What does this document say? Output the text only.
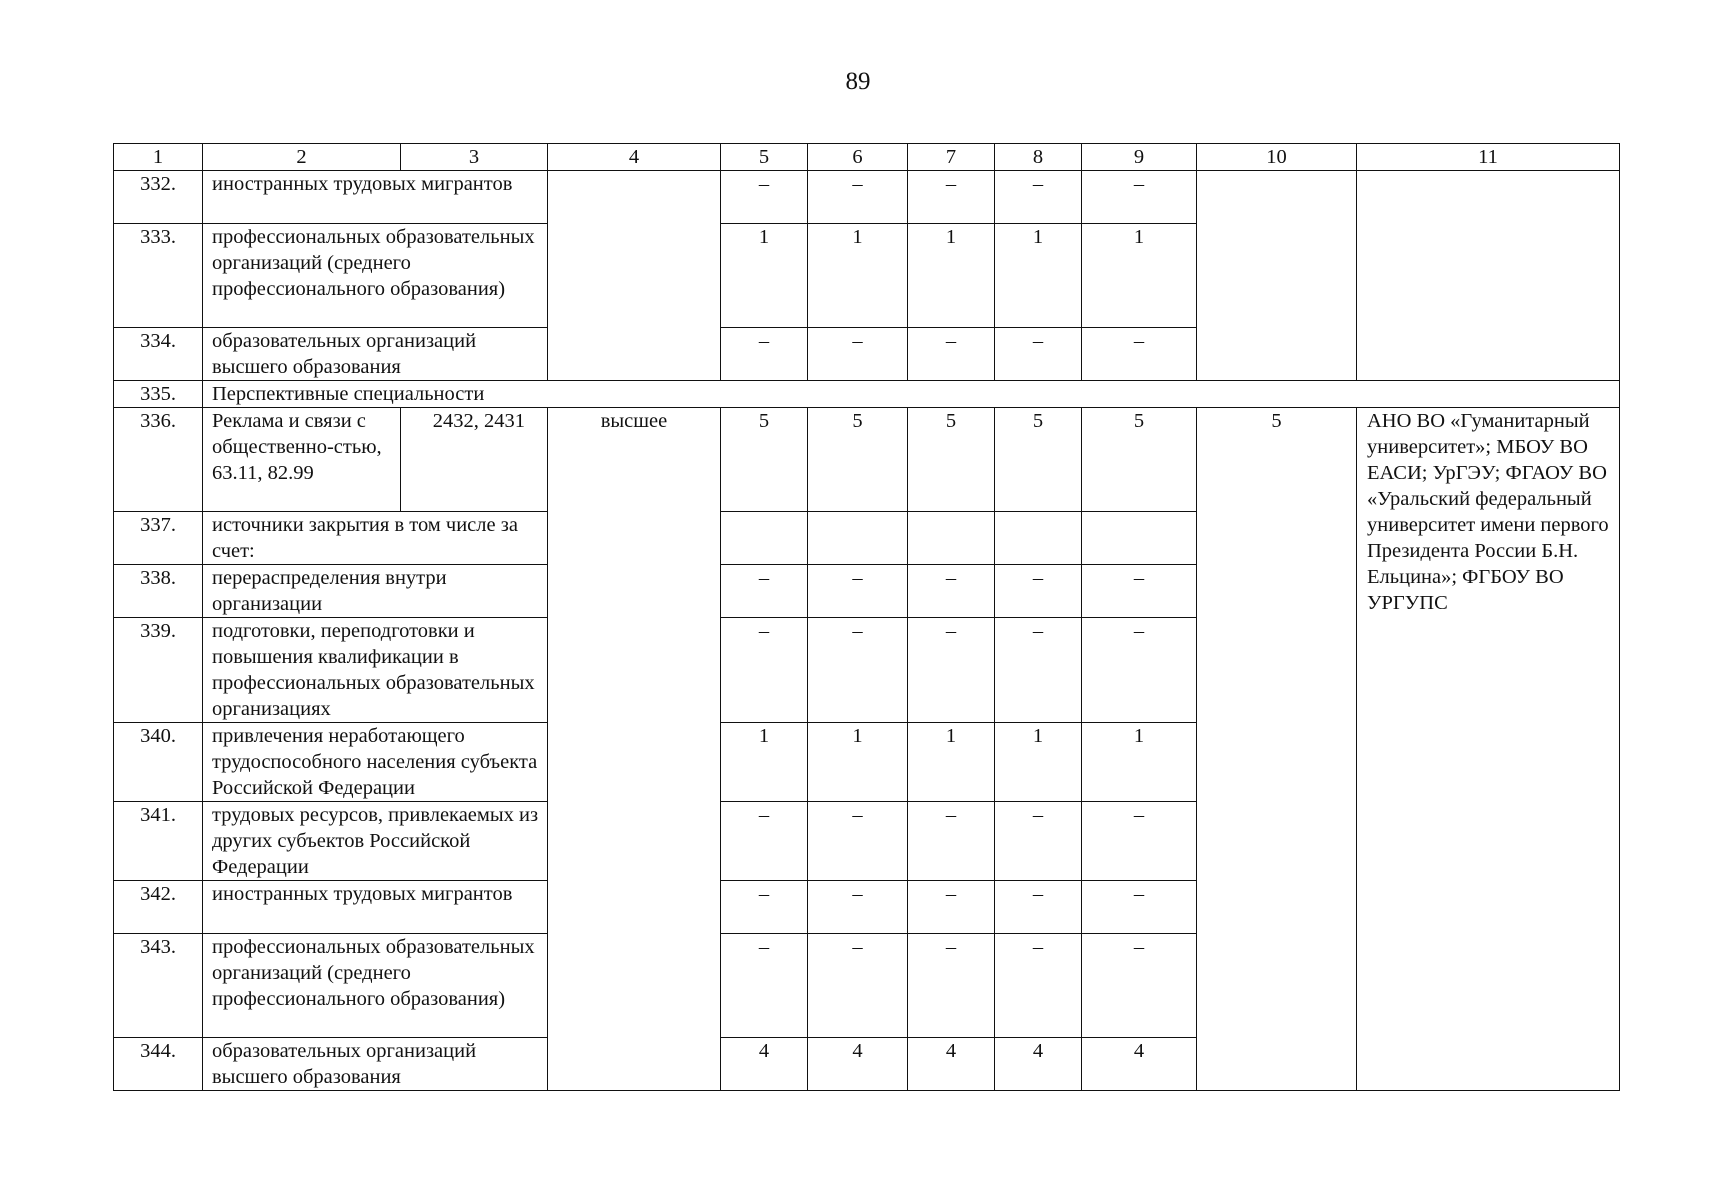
89
1	2	3	4	5	6	7	8	9	10	11
332.	иностранных трудовых мигрантов			–	–	–	–	–		
333.	профессиональных образовательных организаций (среднего профессионального образования)			1	1	1	1	1		
334.	образовательных организаций высшего образования			–	–	–	–	–		
335.	Перспективные специальности									
336.	Реклама и связи с общественно-стью, 63.11, 82.99	2432, 2431	высшее	5	5	5	5	5	5	АНО ВО «Гуманитарный университет»; МБОУ ВО ЕАСИ; УрГЭУ; ФГАОУ ВО «Уральский федеральный университет имени первого Президента России Б.Н. Ельцина»; ФГБОУ ВО УРГУПС
337.	источники закрытия в том числе за счет:									
338.	перераспределения внутри организации			–	–	–	–	–		
339.	подготовки, переподготовки и повышения квалификации в профессиональных образовательных организациях			–	–	–	–	–		
340.	привлечения неработающего трудоспособного населения субъекта Российской Федерации			1	1	1	1	1		
341.	трудовых ресурсов, привлекаемых из других субъектов Российской Федерации			–	–	–	–	–		
342.	иностранных трудовых мигрантов			–	–	–	–	–		
343.	профессиональных образовательных организаций (среднего профессионального образования)			–	–	–	–	–		
344.	образовательных организаций высшего образования			4	4	4	4	4		
